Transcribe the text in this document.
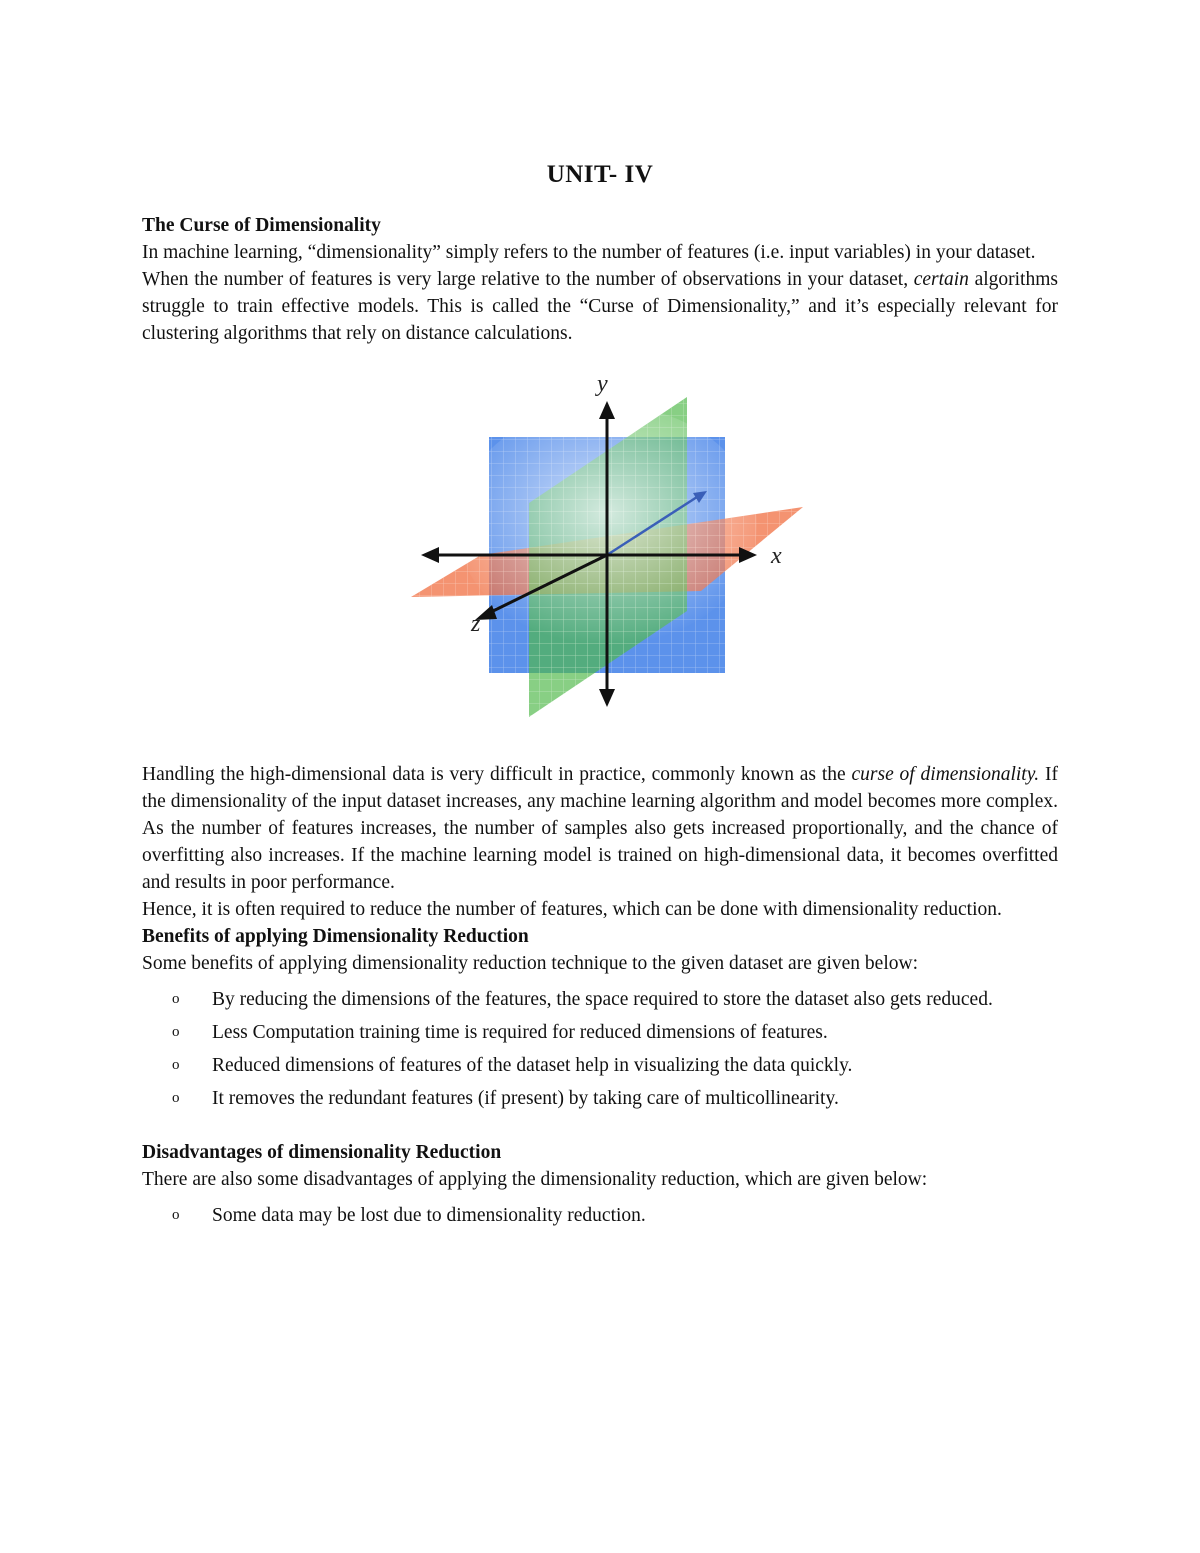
UNIT- IV
The Curse of Dimensionality

In machine learning, “dimensionality” simply refers to the number of features (i.e. input variables) in your dataset.

When the number of features is very large relative to the number of observations in your dataset, certain algorithms struggle to train effective models. This is called the “Curse of Dimensionality,” and it’s especially relevant for clustering algorithms that rely on distance calculations.

y
x
z

Handling the high-dimensional data is very difficult in practice, commonly known as the curse of dimensionality. If the dimensionality of the input dataset increases, any machine learning algorithm and model becomes more complex. As the number of features increases, the number of samples also gets increased proportionally, and the chance of overfitting also increases. If the machine learning model is trained on high-dimensional data, it becomes overfitted and results in poor performance.

Hence, it is often required to reduce the number of features, which can be done with dimensionality reduction.

Benefits of applying Dimensionality Reduction

Some benefits of applying dimensionality reduction technique to the given dataset are given below:

o By reducing the dimensions of the features, the space required to store the dataset also gets reduced.
o Less Computation training time is required for reduced dimensions of features.
o Reduced dimensions of features of the dataset help in visualizing the data quickly.
o It removes the redundant features (if present) by taking care of multicollinearity.
Disadvantages of dimensionality Reduction

There are also some disadvantages of applying the dimensionality reduction, which are given below:

o Some data may be lost due to dimensionality reduction.
